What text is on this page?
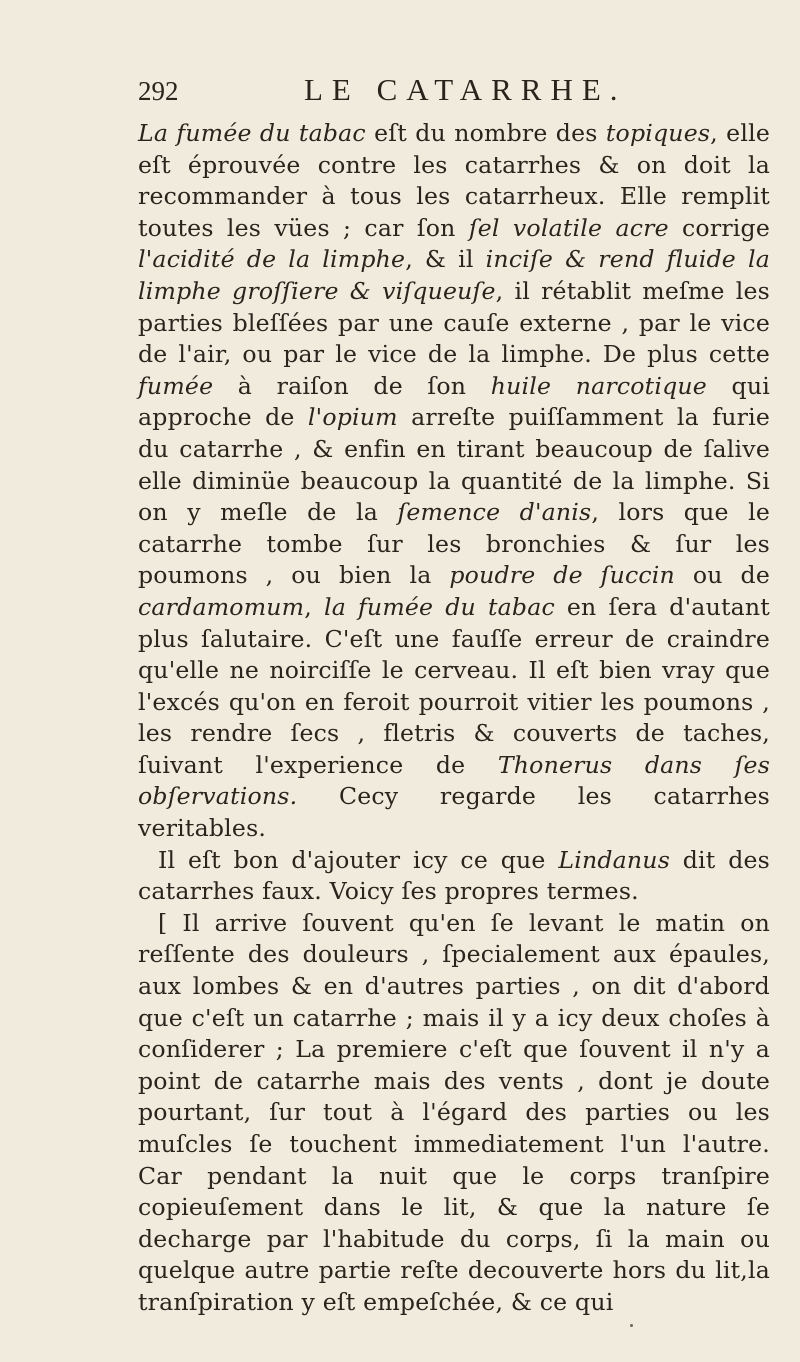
292	LE CATARRHE.

La fumée du tabac eſt du nombre des topiques, elle eſt éprouvée contre les catarrhes & on doit la recommander à tous les catarrheux. Elle remplit toutes les vües ; car ſon ſel volatile acre corrige l'acidité de la limphe, & il inciſe & rend fluide la limphe groſſiere & viſqueuſe, il rétablit meſme les parties bleſſées par une cauſe externe , par le vice de l'air, ou par le vice de la limphe. De plus cette fumée à raiſon de ſon huile narcotique qui approche de l'opium arreſte puiſſamment la furie du catarrhe , & enfin en tirant beaucoup de ſalive elle diminüe beaucoup la quantité de la limphe. Si on y meſle de la ſemence d'anis, lors que le catarrhe tombe ſur les bronchies & ſur les poumons , ou bien la poudre de ſuccin ou de cardamomum, la fumée du tabac en ſera d'autant plus ſalutaire. C'eſt une fauſſe erreur de craindre qu'elle ne noirciſſe le cerveau. Il eſt bien vray que l'excés qu'on en feroit pourroit vitier les poumons , les rendre ſecs , fletris & couverts de taches, ſuivant l'experience de Thonerus dans ſes obſervations. Cecy regarde les catarrhes veritables.

Il eſt bon d'ajouter icy ce que Lindanus dit des catarrhes faux. Voicy ſes propres termes.

[ Il arrive ſouvent qu'en ſe levant le matin on reſſente des douleurs , ſpecialement aux épaules, aux lombes & en d'autres parties , on dit d'abord que c'eſt un catarrhe ; mais il y a icy deux choſes à conſiderer ; La premiere c'eſt que ſouvent il n'y a point de catarrhe mais des vents , dont je doute pourtant, ſur tout à l'égard des parties ou les muſcles ſe touchent immediatement l'un l'autre. Car pendant la nuit que le corps tranſpire copieuſement dans le lit, & que la nature ſe decharge par l'habitude du corps, ſi la main ou quelque autre partie reſte decouverte hors du lit,la tranſpiration y eſt empeſchée, & ce qui
